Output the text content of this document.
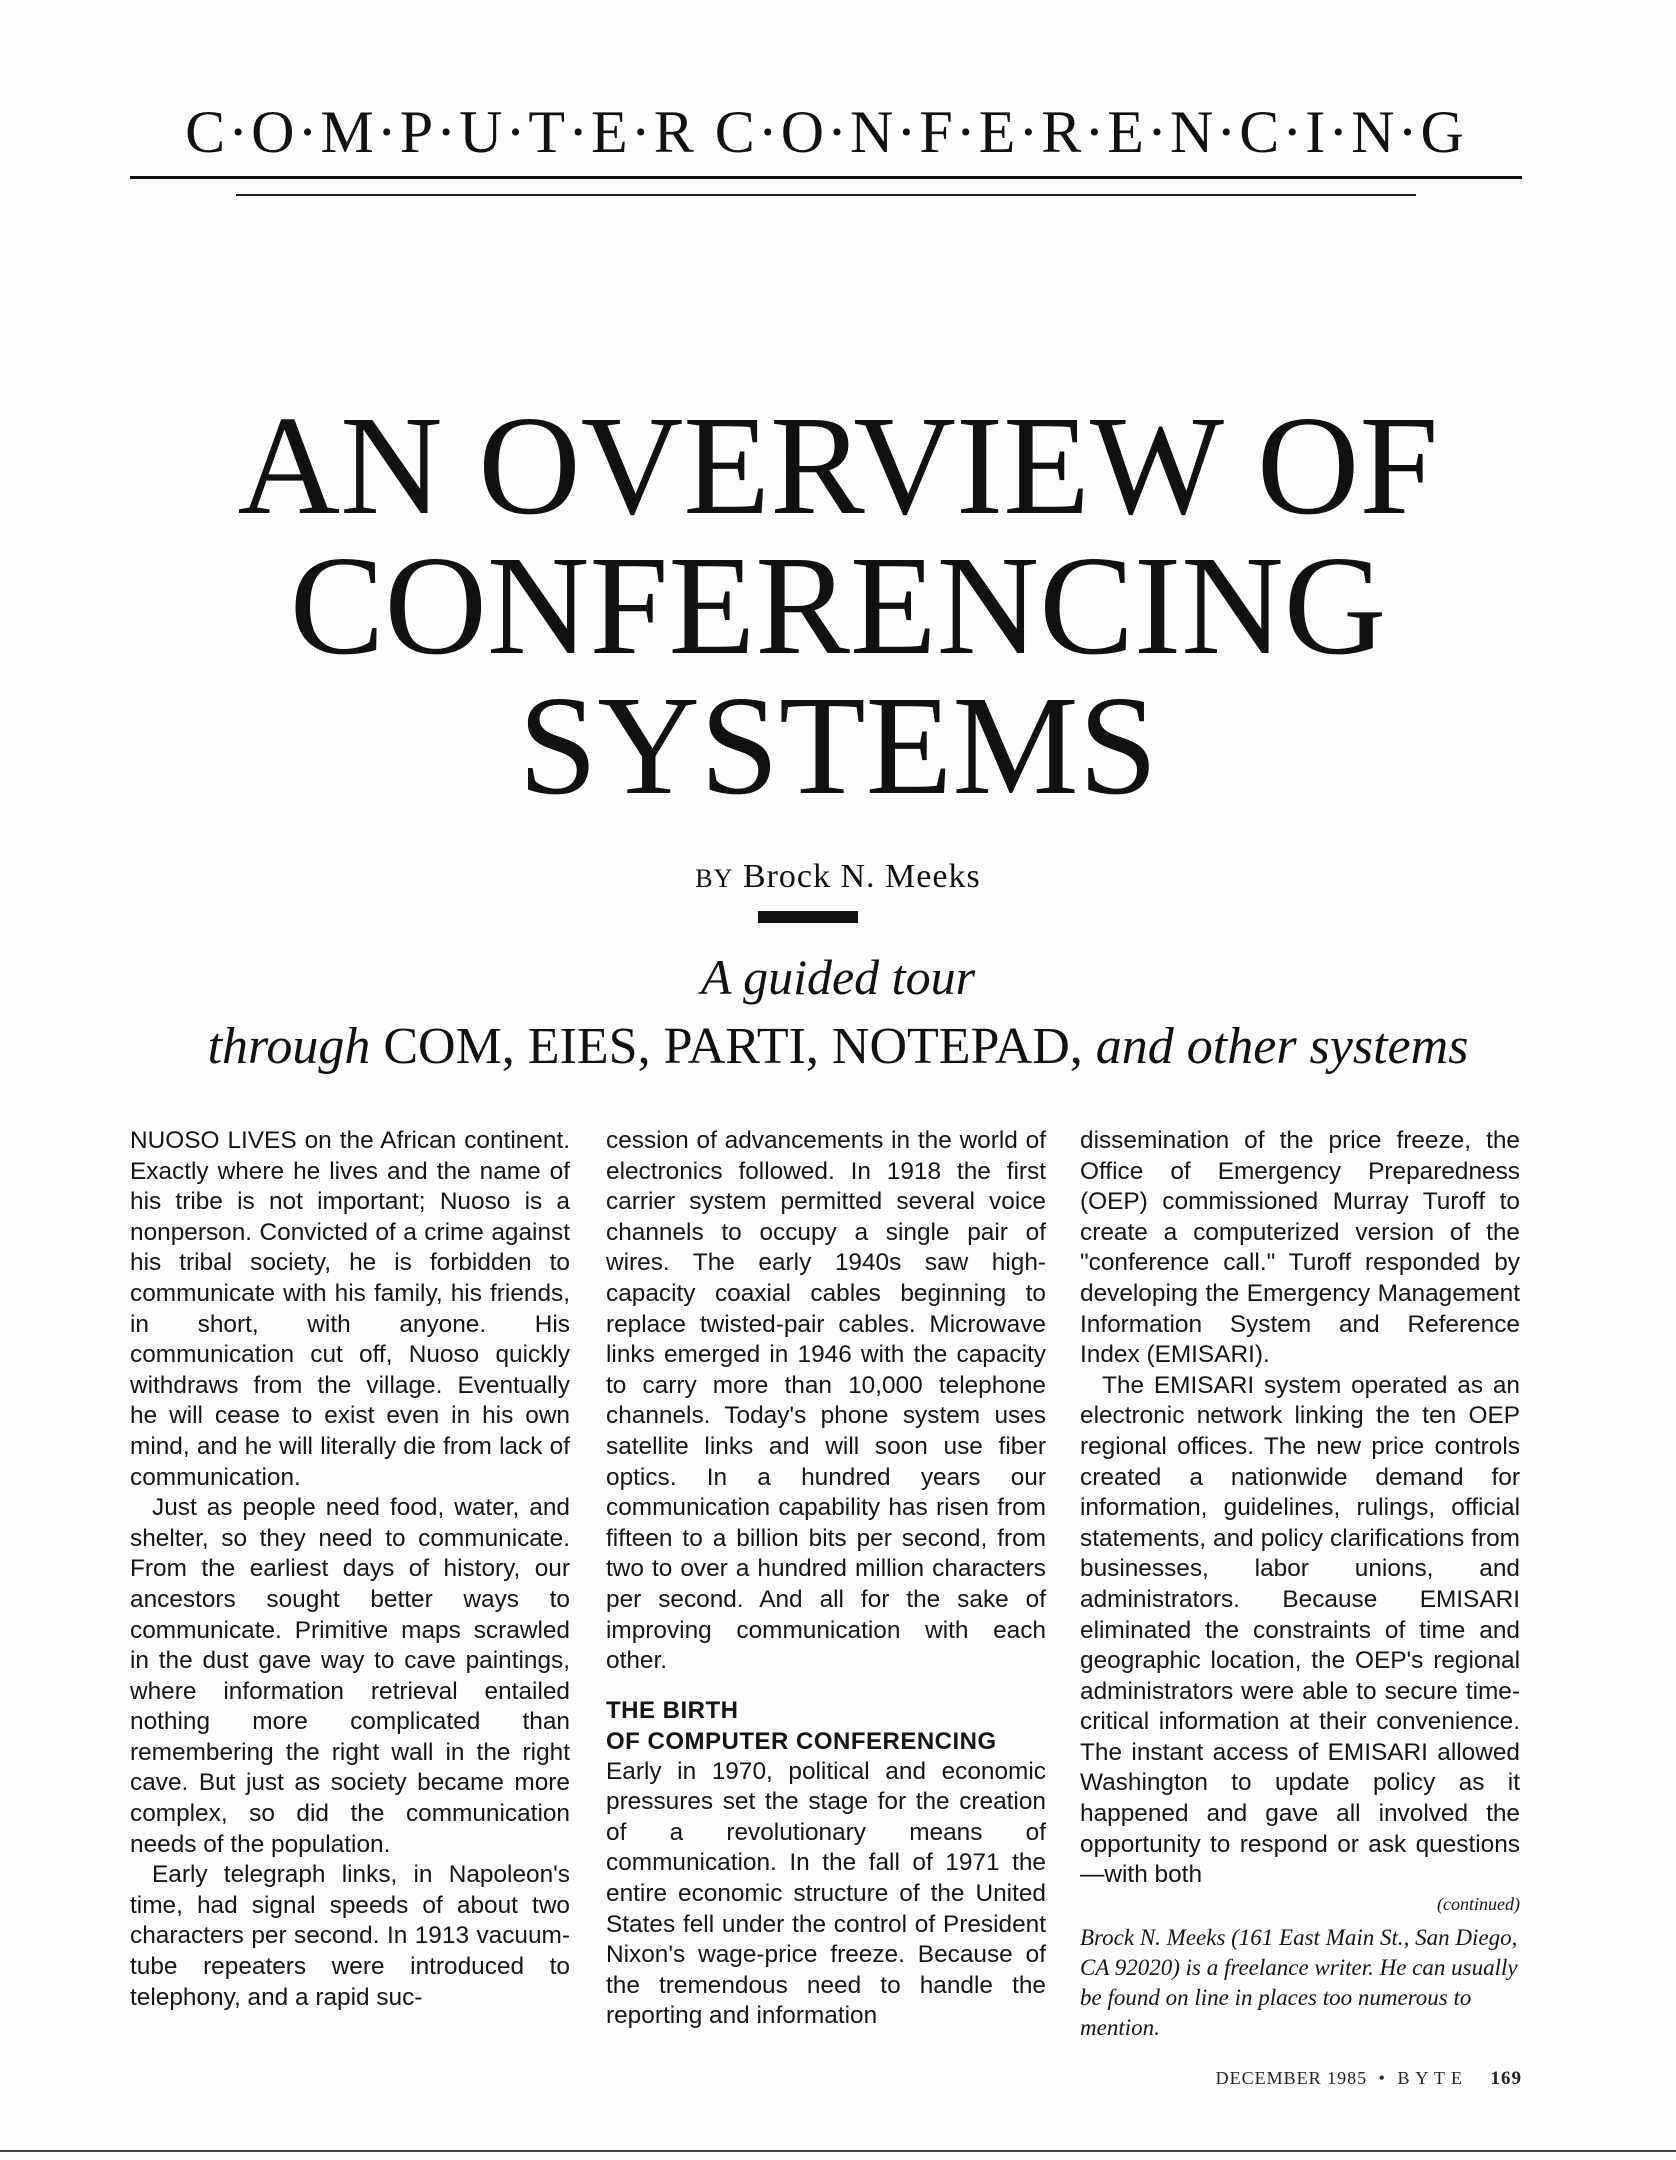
C·O·M·P·U·T·E·R C·O·N·F·E·R·E·N·C·I·N·G
AN OVERVIEW OF
CONFERENCING
SYSTEMS
BY Brock N. Meeks
A guided tour
through COM, EIES, PARTI, NOTEPAD, and other systems

NUOSO LIVES on the African continent. Exactly where he lives and the name of his tribe is not important; Nuoso is a nonperson. Convicted of a crime against his tribal society, he is forbidden to communicate with his family, his friends, in short, with anyone. His communication cut off, Nuoso quickly withdraws from the village. Eventually he will cease to exist even in his own mind, and he will literally die from lack of communication.

Just as people need food, water, and shelter, so they need to communicate. From the earliest days of history, our ancestors sought better ways to communicate. Primitive maps scrawled in the dust gave way to cave paintings, where information retrieval entailed nothing more complicated than remembering the right wall in the right cave. But just as society became more complex, so did the communication needs of the population.

Early telegraph links, in Napoleon's time, had signal speeds of about two characters per second. In 1913 vacuum-tube repeaters were introduced to telephony, and a rapid suc-

cession of advancements in the world of electronics followed. In 1918 the first carrier system permitted several voice channels to occupy a single pair of wires. The early 1940s saw high-capacity coaxial cables beginning to replace twisted-pair cables. Microwave links emerged in 1946 with the capacity to carry more than 10,000 telephone channels. Today's phone system uses satellite links and will soon use fiber optics. In a hundred years our communication capability has risen from fifteen to a billion bits per second, from two to over a hundred million characters per second. And all for the sake of improving communication with each other.

THE BIRTH
OF COMPUTER CONFERENCING

Early in 1970, political and economic pressures set the stage for the creation of a revolutionary means of communication. In the fall of 1971 the entire economic structure of the United States fell under the control of President Nixon's wage-price freeze. Because of the tremendous need to handle the reporting and information

dissemination of the price freeze, the Office of Emergency Preparedness (OEP) commissioned Murray Turoff to create a computerized version of the "conference call." Turoff responded by developing the Emergency Management Information System and Reference Index (EMISARI).

The EMISARI system operated as an electronic network linking the ten OEP regional offices. The new price controls created a nationwide demand for information, guidelines, rulings, official statements, and policy clarifications from businesses, labor unions, and administrators. Because EMISARI eliminated the constraints of time and geographic location, the OEP's regional administrators were able to secure time-critical information at their convenience. The instant access of EMISARI allowed Washington to update policy as it happened and gave all involved the opportunity to respond or ask questions—with both

(continued)
Brock N. Meeks (161 East Main St., San Diego, CA 92020) is a freelance writer. He can usually be found on line in places too numerous to mention.
DECEMBER 1985 • B Y T E 169
